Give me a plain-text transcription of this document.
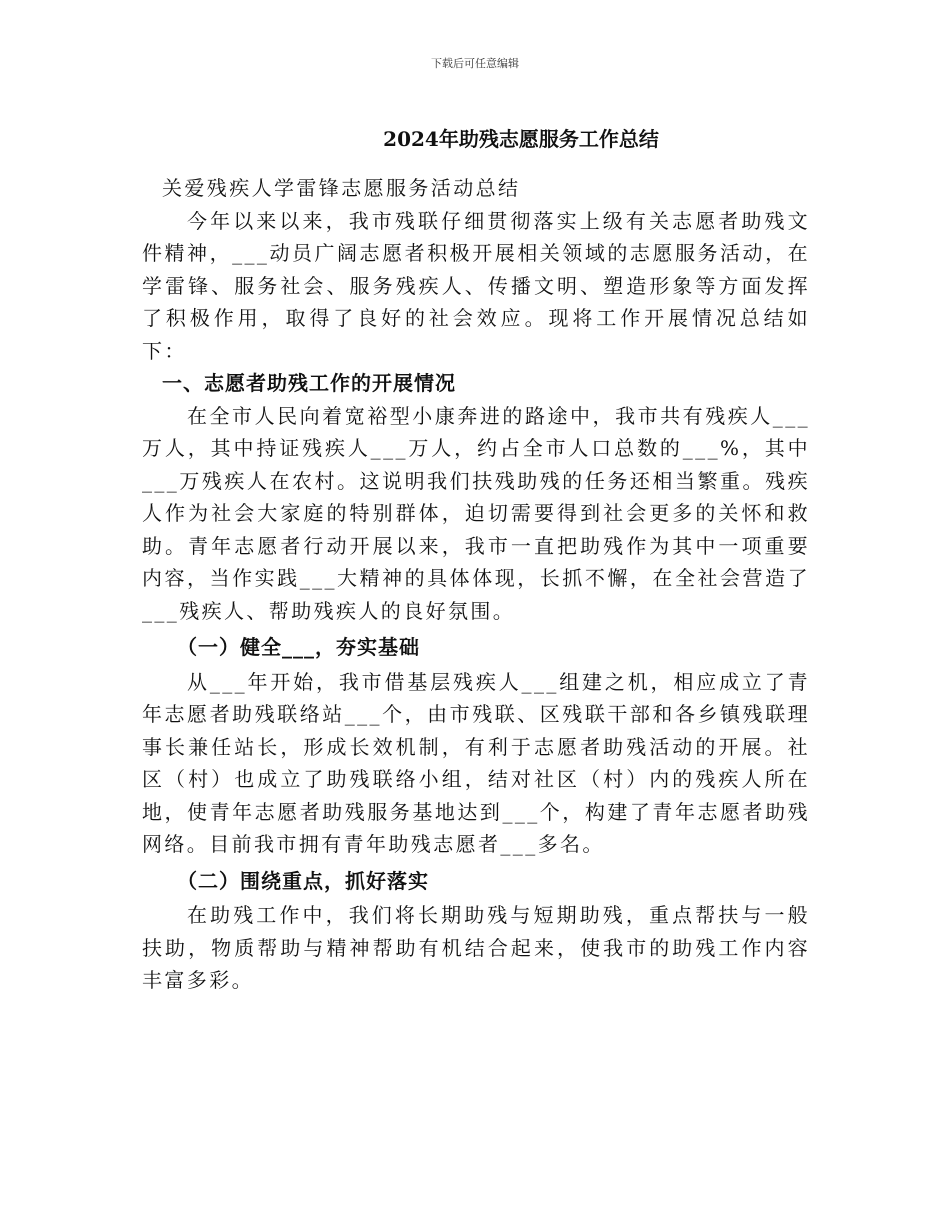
下载后可任意编辑
2024年助残志愿服务工作总结

关爱残疾人学雷锋志愿服务活动总结

今年以来以来，我市残联仔细贯彻落实上级有关志愿者助残文件精神，___动员广阔志愿者积极开展相关领域的志愿服务活动，在学雷锋、服务社会、服务残疾人、传播文明、塑造形象等方面发挥了积极作用，取得了良好的社会效应。现将工作开展情况总结如下：

一、志愿者助残工作的开展情况

在全市人民向着宽裕型小康奔进的路途中，我市共有残疾人___万人，其中持证残疾人___万人，约占全市人口总数的___%，其中___万残疾人在农村。这说明我们扶残助残的任务还相当繁重。残疾人作为社会大家庭的特别群体，迫切需要得到社会更多的关怀和救助。青年志愿者行动开展以来，我市一直把助残作为其中一项重要内容，当作实践___大精神的具体体现，长抓不懈，在全社会营造了___残疾人、帮助残疾人的良好氛围。

（一）健全___，夯实基础

从___年开始，我市借基层残疾人___组建之机，相应成立了青年志愿者助残联络站___个，由市残联、区残联干部和各乡镇残联理事长兼任站长，形成长效机制，有利于志愿者助残活动的开展。社区（村）也成立了助残联络小组，结对社区（村）内的残疾人所在地，使青年志愿者助残服务基地达到___个，构建了青年志愿者助残网络。目前我市拥有青年助残志愿者___多名。

（二）围绕重点，抓好落实

在助残工作中，我们将长期助残与短期助残，重点帮扶与一般扶助，物质帮助与精神帮助有机结合起来，使我市的助残工作内容丰富多彩。
